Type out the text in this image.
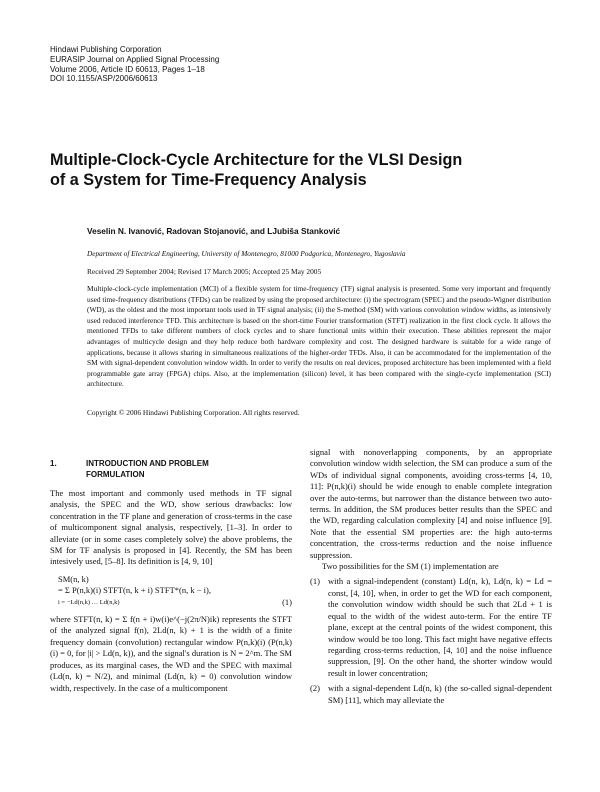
Hindawi Publishing Corporation
EURASIP Journal on Applied Signal Processing
Volume 2006, Article ID 60613, Pages 1–18
DOI 10.1155/ASP/2006/60613
Multiple-Clock-Cycle Architecture for the VLSI Design
of a System for Time-Frequency Analysis
Veselin N. Ivanović, Radovan Stojanović, and LJubiša Stanković
Department of Electrical Engineering, University of Montenegro, 81000 Podgorica, Montenegro, Yugoslavia
Received 29 September 2004; Revised 17 March 2005; Accepted 25 May 2005
Multiple-clock-cycle implementation (MCI) of a flexible system for time-frequency (TF) signal analysis is presented. Some very important and frequently used time-frequency distributions (TFDs) can be realized by using the proposed architecture: (i) the spectrogram (SPEC) and the pseudo-Wigner distribution (WD), as the oldest and the most important tools used in TF signal analysis; (ii) the S-method (SM) with various convolution window widths, as intensively used reduced interference TFD. This architecture is based on the short-time Fourier transformation (STFT) realization in the first clock cycle. It allows the mentioned TFDs to take different numbers of clock cycles and to share functional units within their execution. These abilities represent the major advantages of multicycle design and they help reduce both hardware complexity and cost. The designed hardware is suitable for a wide range of applications, because it allows sharing in simultaneous realizations of the higher-order TFDs. Also, it can be accommodated for the implementation of the SM with signal-dependent convolution window width. In order to verify the results on real devices, proposed architecture has been implemented with a field programmable gate array (FPGA) chips. Also, at the implementation (silicon) level, it has been compared with the single-cycle implementation (SCI) architecture.
Copyright © 2006 Hindawi Publishing Corporation. All rights reserved.
1.	INTRODUCTION AND PROBLEM
FORMULATION

The most important and commonly used methods in TF signal analysis, the SPEC and the WD, show serious drawbacks: low concentration in the TF plane and generation of cross-terms in the case of multicomponent signal analysis, respectively, [1–3]. In order to alleviate (or in some cases completely solve) the above problems, the SM for TF analysis is proposed in [4]. Recently, the SM has been intesively used, [5–8]. Its definition is [4, 9, 10]

SM(n, k)
= Σ P(n,k)(i) STFT(n, k + i) STFT*(n, k − i),
i = −Ld(n,k) … Ld(n,k)	(1)

where STFT(n, k) = Σ f(n + i)w(i)e^(−j(2π/N)ik) represents the STFT of the analyzed signal f(n), 2Ld(n, k) + 1 is the width of a finite frequency domain (convolution) rectangular window P(n,k)(i) (P(n,k)(i) = 0, for |i| > Ld(n, k)), and the signal's duration is N = 2^m. The SM produces, as its marginal cases, the WD and the SPEC with maximal (Ld(n, k) = N/2), and minimal (Ld(n, k) = 0) convolution window width, respectively. In the case of a multicomponent

signal with nonoverlapping components, by an appropriate convolution window width selection, the SM can produce a sum of the WDs of individual signal components, avoiding cross-terms [4, 10, 11]: P(n,k)(i) should be wide enough to enable complete integration over the auto-terms, but narrower than the distance between two auto-terms. In addition, the SM produces better results than the SPEC and the WD, regarding calculation complexity [4] and noise influence [9]. Note that the essential SM properties are: the high auto-terms concentration, the cross-terms reduction and the noise influence suppression.

Two possibilities for the SM (1) implementation are

(1) with a signal-independent (constant) Ld(n, k), Ld(n, k) = Ld = const, [4, 10], when, in order to get the WD for each component, the convolution window width should be such that 2Ld + 1 is equal to the width of the widest auto-term. For the entire TF plane, except at the central points of the widest component, this window would be too long. This fact might have negative effects regarding cross-terms reduction, [4, 10] and the noise influence suppression, [9]. On the other hand, the shorter window would result in lower concentration;
(2) with a signal-dependent Ld(n, k) (the so-called signal-dependent SM) [11], which may alleviate the
